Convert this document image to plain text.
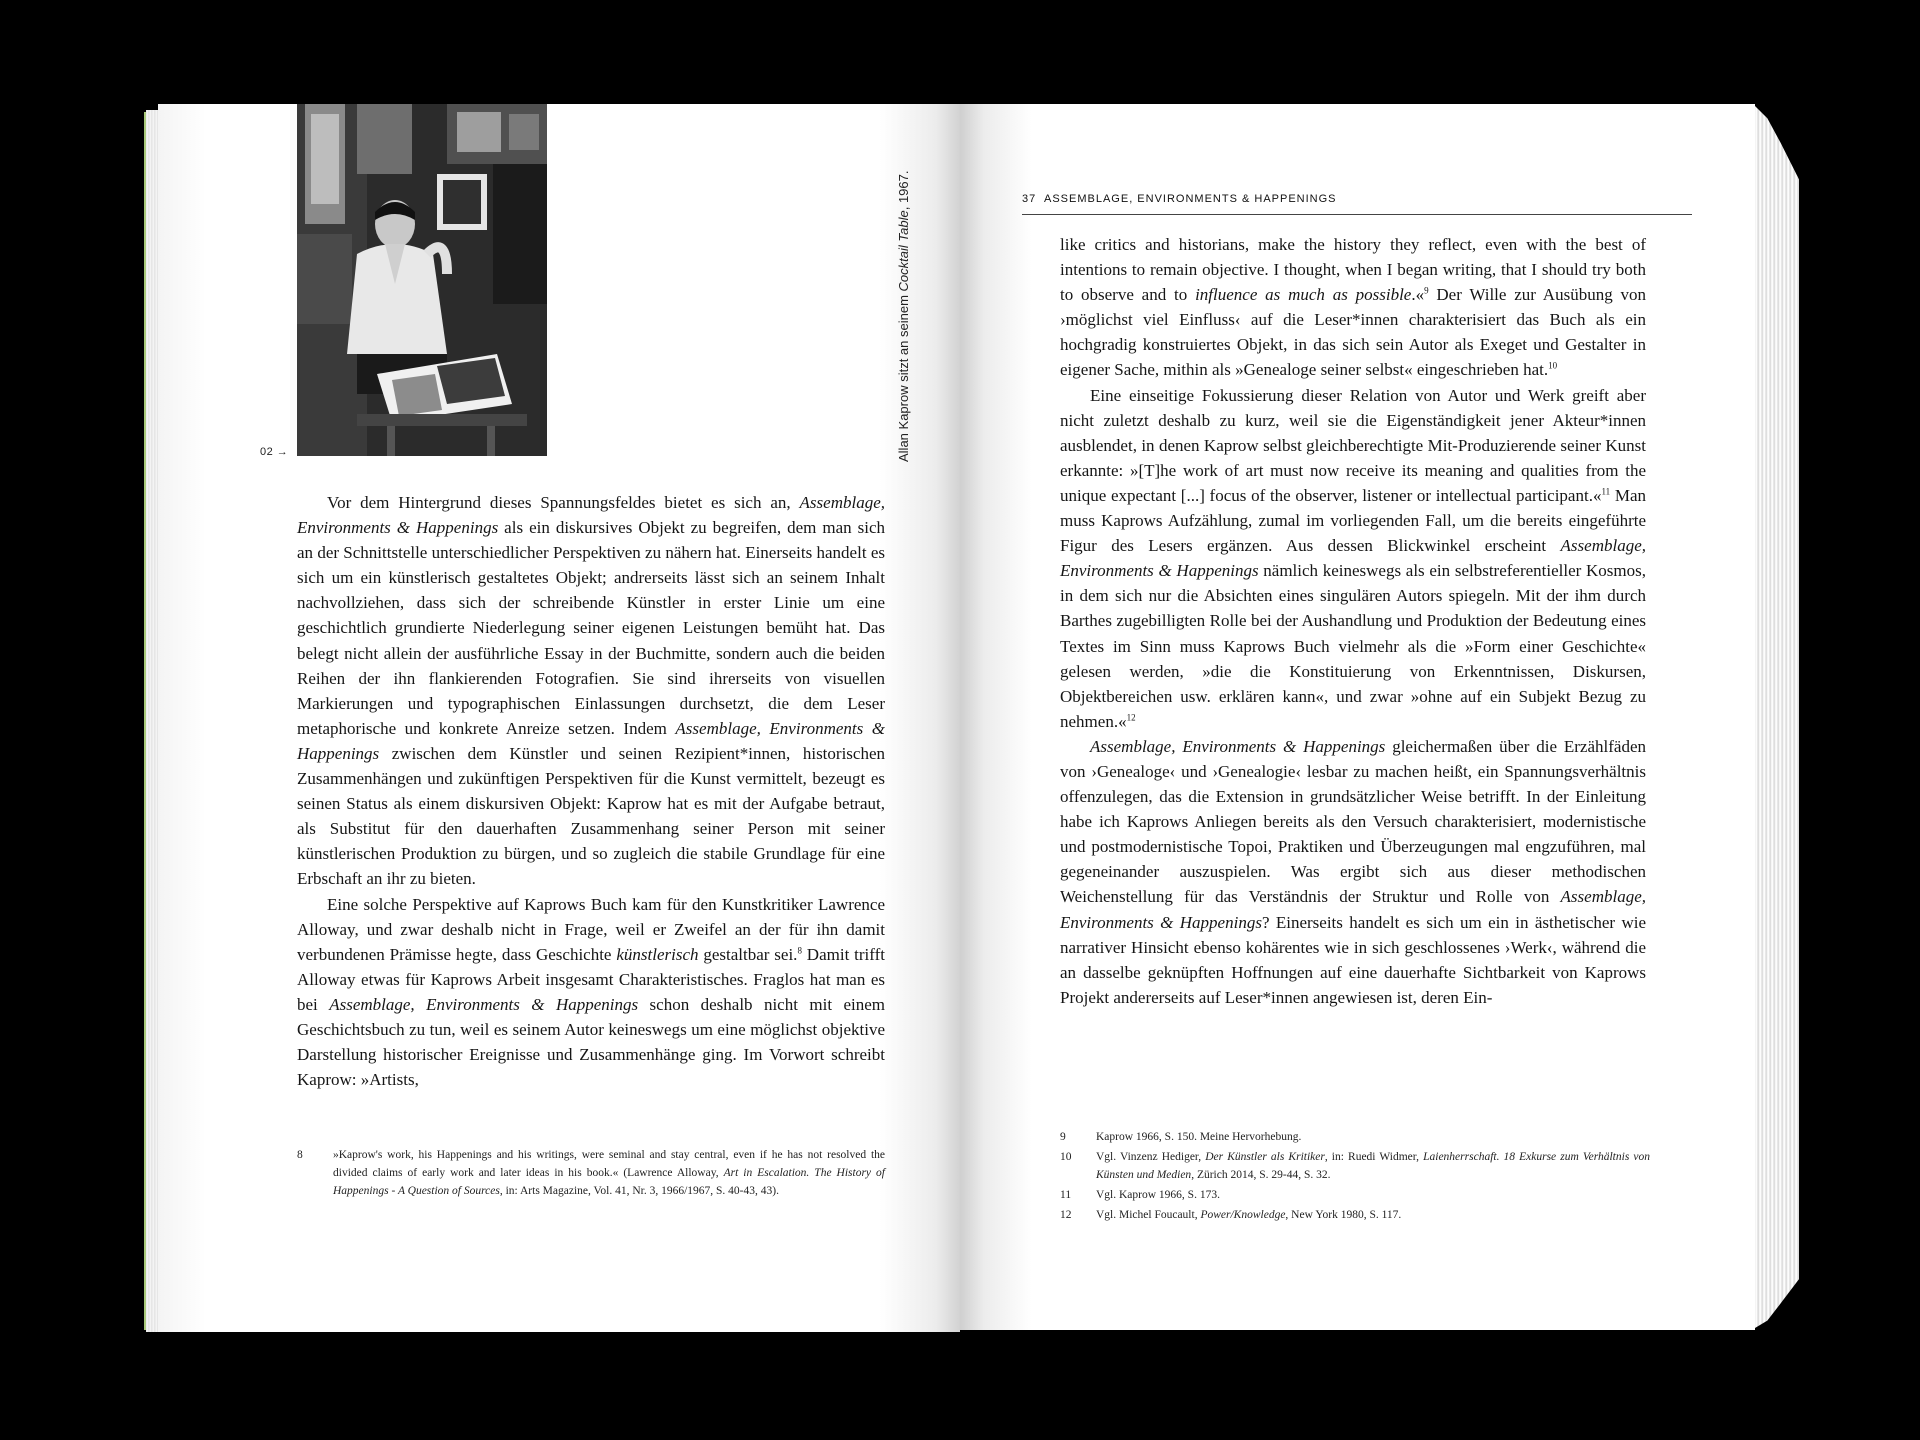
02 →	Allan Kaprow sitzt an seinem Cocktail Table, 1967.	37 ASSEMBLAGE, ENVIRONMENTS & HAPPENINGS

Vor dem Hintergrund dieses Spannungsfeldes bietet es sich an, Assemblage, Environments & Happenings als ein diskursives Objekt zu begreifen, dem man sich an der Schnittstelle unterschiedlicher Perspektiven zu nähern hat. Einerseits handelt es sich um ein künstlerisch gestaltetes Objekt; andrerseits lässt sich an seinem Inhalt nachvollziehen, dass sich der schreibende Künstler in erster Linie um eine geschichtlich grundierte Niederlegung seiner eigenen Leistungen bemüht hat. Das belegt nicht allein der ausführliche Essay in der Buchmitte, sondern auch die beiden Reihen der ihn flankierenden Fotografien. Sie sind ihrerseits von visuellen Markierungen und typographischen Einlassungen durchsetzt, die dem Leser metaphorische und konkrete Anreize setzen. Indem Assemblage, Environments & Happenings zwischen dem Künstler und seinen Rezipient*innen, historischen Zusammenhängen und zukünftigen Perspektiven für die Kunst vermittelt, bezeugt es seinen Status als einem diskursiven Objekt: Kaprow hat es mit der Aufgabe betraut, als Substitut für den dauerhaften Zusammenhang seiner Person mit seiner künstlerischen Produktion zu bürgen, und so zugleich die stabile Grundlage für eine Erbschaft an ihr zu bieten.

Eine solche Perspektive auf Kaprows Buch kam für den Kunstkritiker Lawrence Alloway, und zwar deshalb nicht in Frage, weil er Zweifel an der für ihn damit verbundenen Prämisse hegte, dass Geschichte künstlerisch gestaltbar sei.$^8$ Damit trifft Alloway etwas für Kaprows Arbeit insgesamt Charakteristisches. Fraglos hat man es bei Assemblage, Environments & Happenings schon deshalb nicht mit einem Geschichtsbuch zu tun, weil es seinem Autor keineswegs um eine möglichst objektive Darstellung historischer Ereignisse und Zusammenhänge ging. Im Vorwort schreibt Kaprow: »Artists,

like critics and historians, make the history they reflect, even with the best of intentions to remain objective. I thought, when I began writing, that I should try both to observe and to influence as much as possible.«$^9$ Der Wille zur Ausübung von ›möglichst viel Einfluss‹ auf die Leser*innen charakterisiert das Buch als ein hochgradig konstruiertes Objekt, in das sich sein Autor als Exeget und Gestalter in eigener Sache, mithin als »Genealoge seiner selbst« eingeschrieben hat.$^{10}$

Eine einseitige Fokussierung dieser Relation von Autor und Werk greift aber nicht zuletzt deshalb zu kurz, weil sie die Eigenständigkeit jener Akteur*innen ausblendet, in denen Kaprow selbst gleichberechtigte Mit-Produzierende seiner Kunst erkannte: »[T]he work of art must now receive its meaning and qualities from the unique expectant [...] focus of the observer, listener or intellectual participant.«$^{11}$ Man muss Kaprows Aufzählung, zumal im vorliegenden Fall, um die bereits eingeführte Figur des Lesers ergänzen. Aus dessen Blickwinkel erscheint Assemblage, Environments & Happenings nämlich keineswegs als ein selbstreferentieller Kosmos, in dem sich nur die Absichten eines singulären Autors spiegeln. Mit der ihm durch Barthes zugebilligten Rolle bei der Aushandlung und Produktion der Bedeutung eines Textes im Sinn muss Kaprows Buch vielmehr als die »Form einer Geschichte« gelesen werden, »die die Konstituierung von Erkenntnissen, Diskursen, Objektbereichen usw. erklären kann«, und zwar »ohne auf ein Subjekt Bezug zu nehmen.«$^{12}$

Assemblage, Environments & Happenings gleichermaßen über die Erzählfäden von ›Genealoge‹ und ›Genealogie‹ lesbar zu machen heißt, ein Spannungsverhältnis offenzulegen, das die Extension in grundsätzlicher Weise betrifft. In der Einleitung habe ich Kaprows Anliegen bereits als den Versuch charakterisiert, modernistische und postmodernistische Topoi, Praktiken und Überzeugungen mal engzuführen, mal gegeneinander auszuspielen. Was ergibt sich aus dieser methodischen Weichenstellung für das Verständnis der Struktur und Rolle von Assemblage, Environments & Happenings? Einerseits handelt es sich um ein in ästhetischer wie narrativer Hinsicht ebenso kohärentes wie in sich geschlossenes ›Werk‹, während die an dasselbe geknüpften Hoffnungen auf eine dauerhafte Sichtbarkeit von Kaprows Projekt andererseits auf Leser*innen angewiesen ist, deren Ein-

8	»Kaprow's work, his Happenings and his writings, were seminal and stay central, even if he has not resolved the divided claims of early work and later ideas in his book.« (Lawrence Alloway, Art in Escalation. The History of Happenings - A Question of Sources, in: Arts Magazine, Vol. 41, Nr. 3, 1966/1967, S. 40-43, 43).
9	Kaprow 1966, S. 150. Meine Hervorhebung.
10	Vgl. Vinzenz Hediger, Der Künstler als Kritiker, in: Ruedi Widmer, Laienherrschaft. 18 Exkurse zum Verhältnis von Künsten und Medien, Zürich 2014, S. 29-44, S. 32.
11	Vgl. Kaprow 1966, S. 173.
12	Vgl. Michel Foucault, Power/Knowledge, New York 1980, S. 117.
